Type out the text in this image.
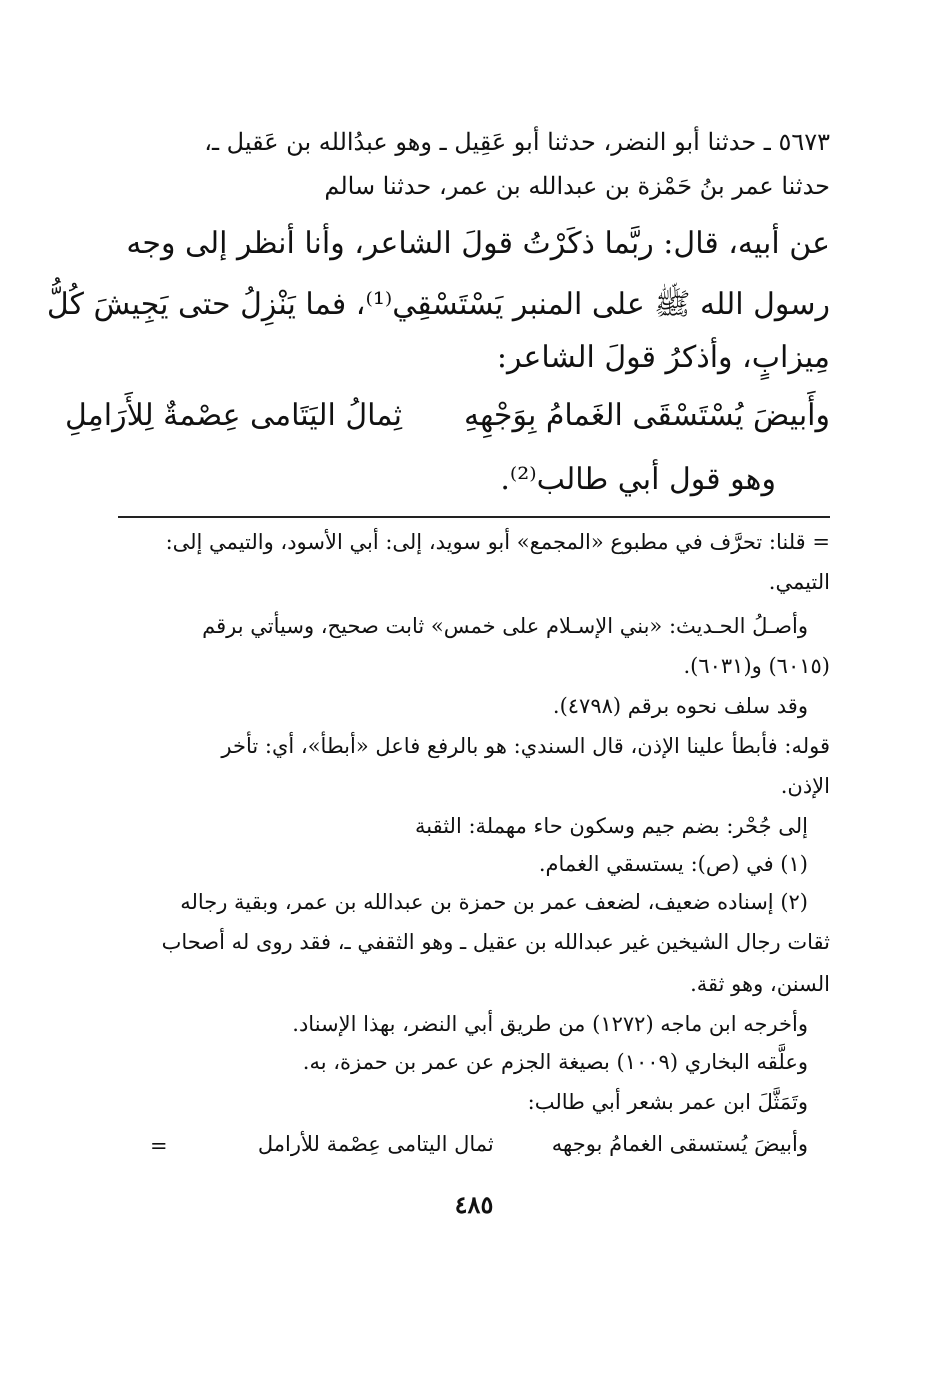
٥٦٧٣ ـ حدثنا أبو النضر، حدثنا أبو عَقِيل ـ وهو عبدُالله بن عَقيل ـ،
حدثنا عمر بنُ حَمْزة بن عبدالله بن عمر، حدثنا سالم
عن أبيه، قال: ربَّما ذكَرْتُ قولَ الشاعر، وأنا أنظر إلى وجه
رسول الله ﷺ على المنبر يَسْتَسْقِي⁽¹⁾، فما يَنْزِلُ حتى يَجِيشَ كُلُّ
مِيزابٍ، وأذكرُ قولَ الشاعر:
وأَبيضَ يُسْتَسْقَى الغَمامُ بِوَجْهِهِ
ثِمالُ اليَتَامى عِصْمةٌ لِلأَرَامِلِ
وهو قول أبي طالب⁽²⁾.
= قلنا: تحرَّف في مطبوع «المجمع» أبو سويد، إلى: أبي الأسود، والتيمي إلى:
التيمي.
وأصـلُ الحـديث: «بني الإسـلام على خمس» ثابت صحيح، وسيأتي برقم
(٦٠١٥) و(٦٠٣١).
وقد سلف نحوه برقم (٤٧٩٨).
قوله: فأبطأ علينا الإذن، قال السندي: هو بالرفع فاعل «أبطأ»، أي: تأخر
الإذن.
إلى جُحْر: بضم جيم وسكون حاء مهملة: الثقبة
(١) في (ص): يستسقي الغمام.
(٢) إسناده ضعيف، لضعف عمر بن حمزة بن عبدالله بن عمر، وبقية رجاله
ثقات رجال الشيخين غير عبدالله بن عقيل ـ وهو الثقفي ـ، فقد روى له أصحاب
السنن، وهو ثقة.
وأخرجه ابن ماجه (١٢٧٢) من طريق أبي النضر، بهذا الإسناد.
وعلَّقه البخاري (١٠٠٩) بصيغة الجزم عن عمر بن حمزة، به.
وتَمَثَّلَ ابن عمر بشعر أبي طالب:
وأبيضَ يُستسقى الغمامُ بوجهه
ثمال اليتامى عِصْمة للأرامل
=
٤٨٥
